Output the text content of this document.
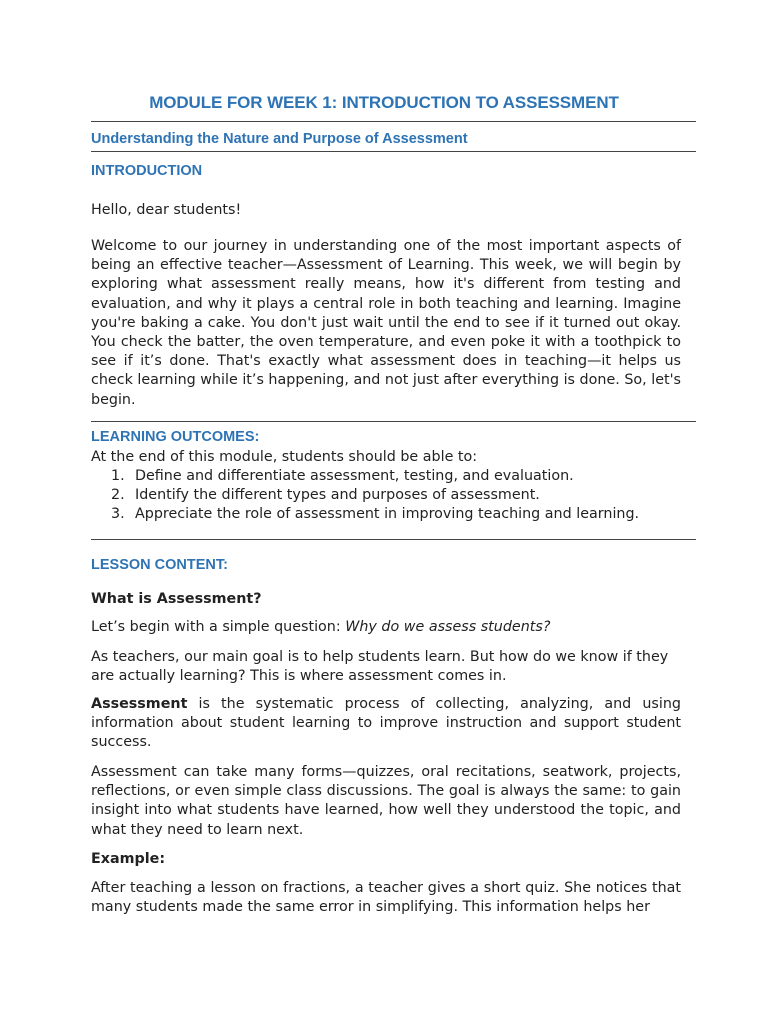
MODULE FOR WEEK 1: INTRODUCTION TO ASSESSMENT
Understanding the Nature and Purpose of Assessment
INTRODUCTION
Hello, dear students!
Welcome to our journey in understanding one of the most important aspects of being an effective teacher—Assessment of Learning. This week, we will begin by exploring what assessment really means, how it's different from testing and evaluation, and why it plays a central role in both teaching and learning. Imagine you're baking a cake. You don't just wait until the end to see if it turned out okay. You check the batter, the oven temperature, and even poke it with a toothpick to see if it’s done. That's exactly what assessment does in teaching—it helps us check learning while it’s happening, and not just after everything is done. So, let's begin.
LEARNING OUTCOMES:
At the end of this module, students should be able to:
1. Define and differentiate assessment, testing, and evaluation.
2. Identify the different types and purposes of assessment.
3. Appreciate the role of assessment in improving teaching and learning.
LESSON CONTENT:
What is Assessment?
Let’s begin with a simple question: Why do we assess students?
As teachers, our main goal is to help students learn. But how do we know if they are actually learning? This is where assessment comes in.
Assessment is the systematic process of collecting, analyzing, and using information about student learning to improve instruction and support student success.
Assessment can take many forms—quizzes, oral recitations, seatwork, projects, reflections, or even simple class discussions. The goal is always the same: to gain insight into what students have learned, how well they understood the topic, and what they need to learn next.
Example:
After teaching a lesson on fractions, a teacher gives a short quiz. She notices that many students made the same error in simplifying. This information helps her
